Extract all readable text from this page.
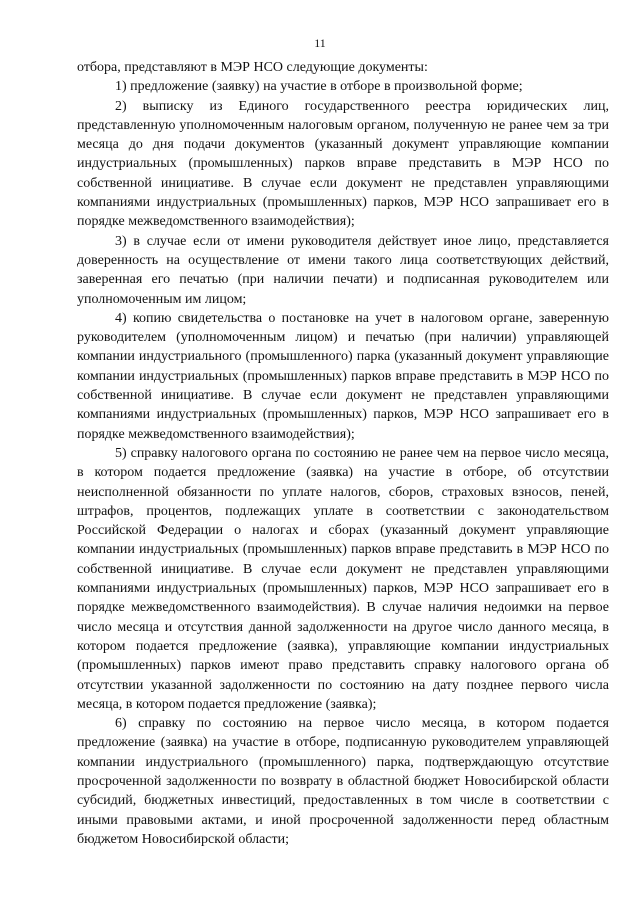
11

отбора, представляют в МЭР НСО следующие документы:

1) предложение (заявку) на участие в отборе в произвольной форме;

2) выписку из Единого государственного реестра юридических лиц, представленную уполномоченным налоговым органом, полученную не ранее чем за три месяца до дня подачи документов (указанный документ управляющие компании индустриальных (промышленных) парков вправе представить в МЭР НСО по собственной инициативе. В случае если документ не представлен управляющими компаниями индустриальных (промышленных) парков, МЭР НСО запрашивает его в порядке межведомственного взаимодействия);

3) в случае если от имени руководителя действует иное лицо, представляется доверенность на осуществление от имени такого лица соответствующих действий, заверенная его печатью (при наличии печати) и подписанная руководителем или уполномоченным им лицом;

4) копию свидетельства о постановке на учет в налоговом органе, заверенную руководителем (уполномоченным лицом) и печатью (при наличии) управляющей компании индустриального (промышленного) парка (указанный документ управляющие компании индустриальных (промышленных) парков вправе представить в МЭР НСО по собственной инициативе. В случае если документ не представлен управляющими компаниями индустриальных (промышленных) парков, МЭР НСО запрашивает его в порядке межведомственного взаимодействия);

5) справку налогового органа по состоянию не ранее чем на первое число месяца, в котором подается предложение (заявка) на участие в отборе, об отсутствии неисполненной обязанности по уплате налогов, сборов, страховых взносов, пеней, штрафов, процентов, подлежащих уплате в соответствии с законодательством Российской Федерации о налогах и сборах (указанный документ управляющие компании индустриальных (промышленных) парков вправе представить в МЭР НСО по собственной инициативе. В случае если документ не представлен управляющими компаниями индустриальных (промышленных) парков, МЭР НСО запрашивает его в порядке межведомственного взаимодействия). В случае наличия недоимки на первое число месяца и отсутствия данной задолженности на другое число данного месяца, в котором подается предложение (заявка), управляющие компании индустриальных (промышленных) парков имеют право представить справку налогового органа об отсутствии указанной задолженности по состоянию на дату позднее первого числа месяца, в котором подается предложение (заявка);

6) справку по состоянию на первое число месяца, в котором подается предложение (заявка) на участие в отборе, подписанную руководителем управляющей компании индустриального (промышленного) парка, подтверждающую отсутствие просроченной задолженности по возврату в областной бюджет Новосибирской области субсидий, бюджетных инвестиций, предоставленных в том числе в соответствии с иными правовыми актами, и иной просроченной задолженности перед областным бюджетом Новосибирской области;
